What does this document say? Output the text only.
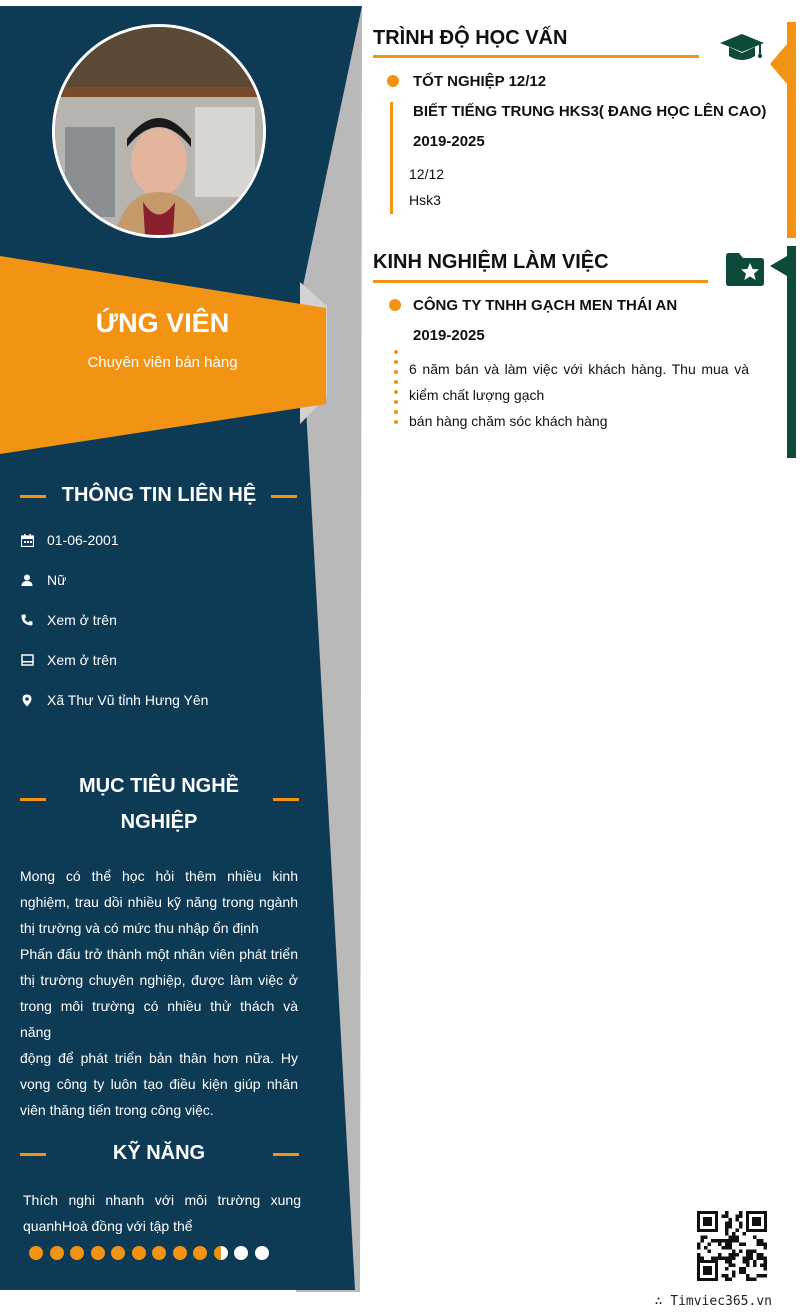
ỨNG VIÊN
Chuyên viên bán hàng
THÔNG TIN LIÊN HỆ
01-06-2001
Nữ
Xem ở trên
Xem ở trên
Xã Thư Vũ tỉnh Hưng Yên
MỤC TIÊU NGHỀ
NGHIỆP
Mong có thể học hỏi thêm nhiều kinh
nghiệm, trau dồi nhiều kỹ năng trong ngành
thị trường và có mức thu nhập ổn định
Phấn đấu trở thành một nhân viên phát triển
thị trường chuyên nghiệp, được làm việc ở
trong môi trường có nhiều thử thách và năng
động để phát triển bản thân hơn nữa. Hy
vọng công ty luôn tạo điều kiện giúp nhân
viên thăng tiến trong công việc.
KỸ NĂNG
Thích nghi nhanh với môi trường xung
quanhHoà đồng với tập thể
TRÌNH ĐỘ HỌC VẤN
TỐT NGHIỆP 12/12
BIẾT TIẾNG TRUNG HKS3( ĐANG HỌC LÊN CAO)
2019-2025
12/12
Hsk3
KINH NGHIỆM LÀM VIỆC
CÔNG TY TNHH GẠCH MEN THÁI AN
2019-2025
6 năm bán và làm việc với khách hàng. Thu mua và
kiểm chất lượng gạch
bán hàng chăm sóc khách hàng
∴ Timviec365.vn
